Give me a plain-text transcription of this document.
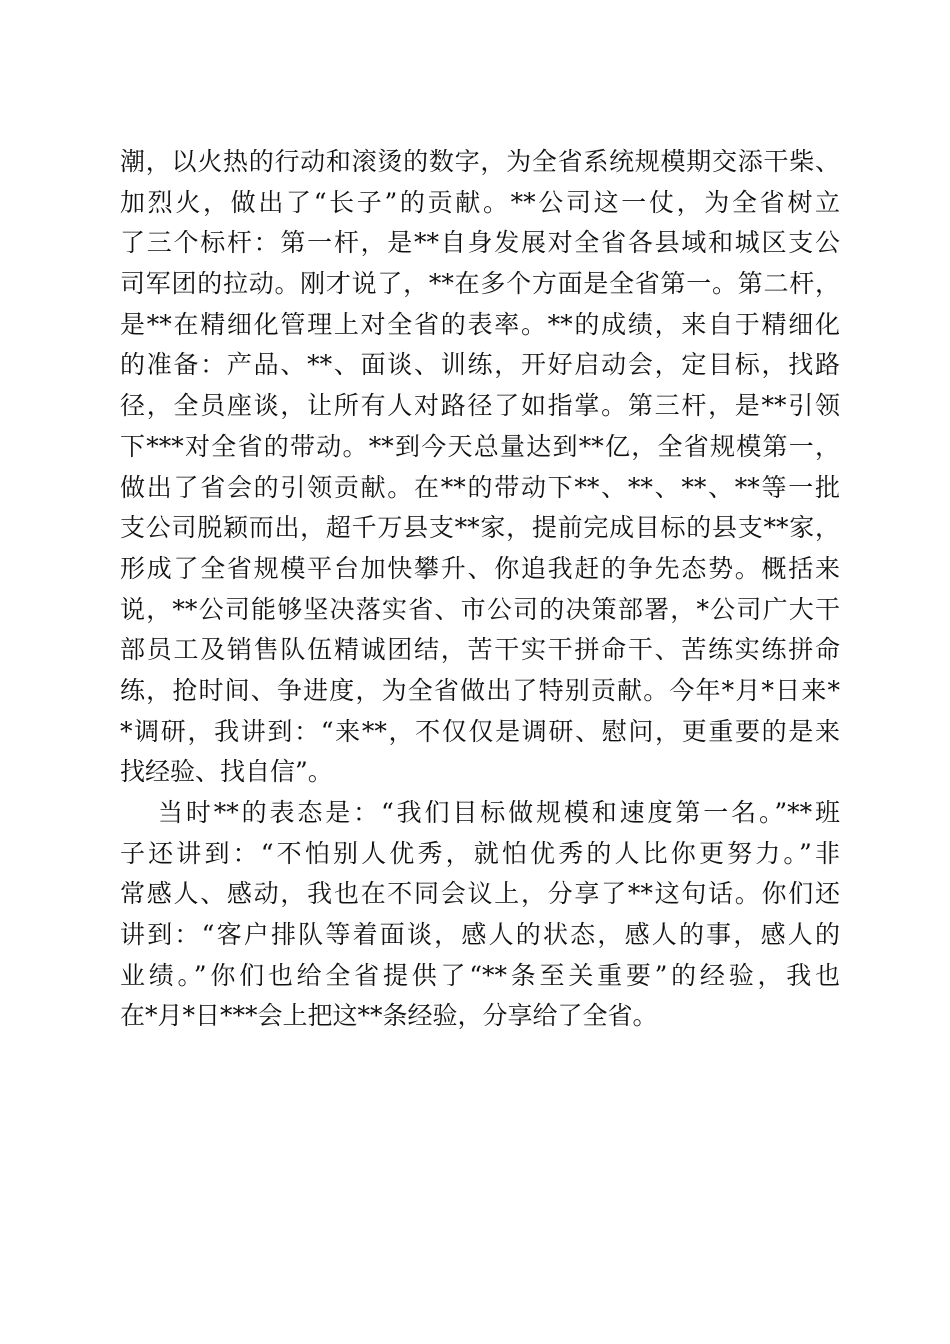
潮，以火热的行动和滚烫的数字，为全省系统规模期交添干柴、
加烈火，做出了“长子”的贡献。**公司这一仗，为全省树立
了三个标杆：第一杆，是**自身发展对全省各县域和城区支公
司军团的拉动。刚才说了，**在多个方面是全省第一。第二杆，
是**在精细化管理上对全省的表率。**的成绩，来自于精细化
的准备：产品、**、面谈、训练，开好启动会，定目标，找路
径，全员座谈，让所有人对路径了如指掌。第三杆，是**引领
下***对全省的带动。**到今天总量达到**亿，全省规模第一，
做出了省会的引领贡献。在**的带动下**、**、**、**等一批
支公司脱颖而出，超千万县支**家，提前完成目标的县支**家，
形成了全省规模平台加快攀升、你追我赶的争先态势。概括来
说，**公司能够坚决落实省、市公司的决策部署，*公司广大干
部员工及销售队伍精诚团结，苦干实干拼命干、苦练实练拼命
练，抢时间、争进度，为全省做出了特别贡献。今年*月*日来*
*调研，我讲到：“来**，不仅仅是调研、慰问，更重要的是来
找经验、找自信”。
当时**的表态是：“我们目标做规模和速度第一名。”**班
子还讲到：“不怕别人优秀，就怕优秀的人比你更努力。”非
常感人、感动，我也在不同会议上，分享了**这句话。你们还
讲到：“客户排队等着面谈，感人的状态，感人的事，感人的
业绩。”你们也给全省提供了“**条至关重要”的经验，我也
在*月*日***会上把这**条经验，分享给了全省。
